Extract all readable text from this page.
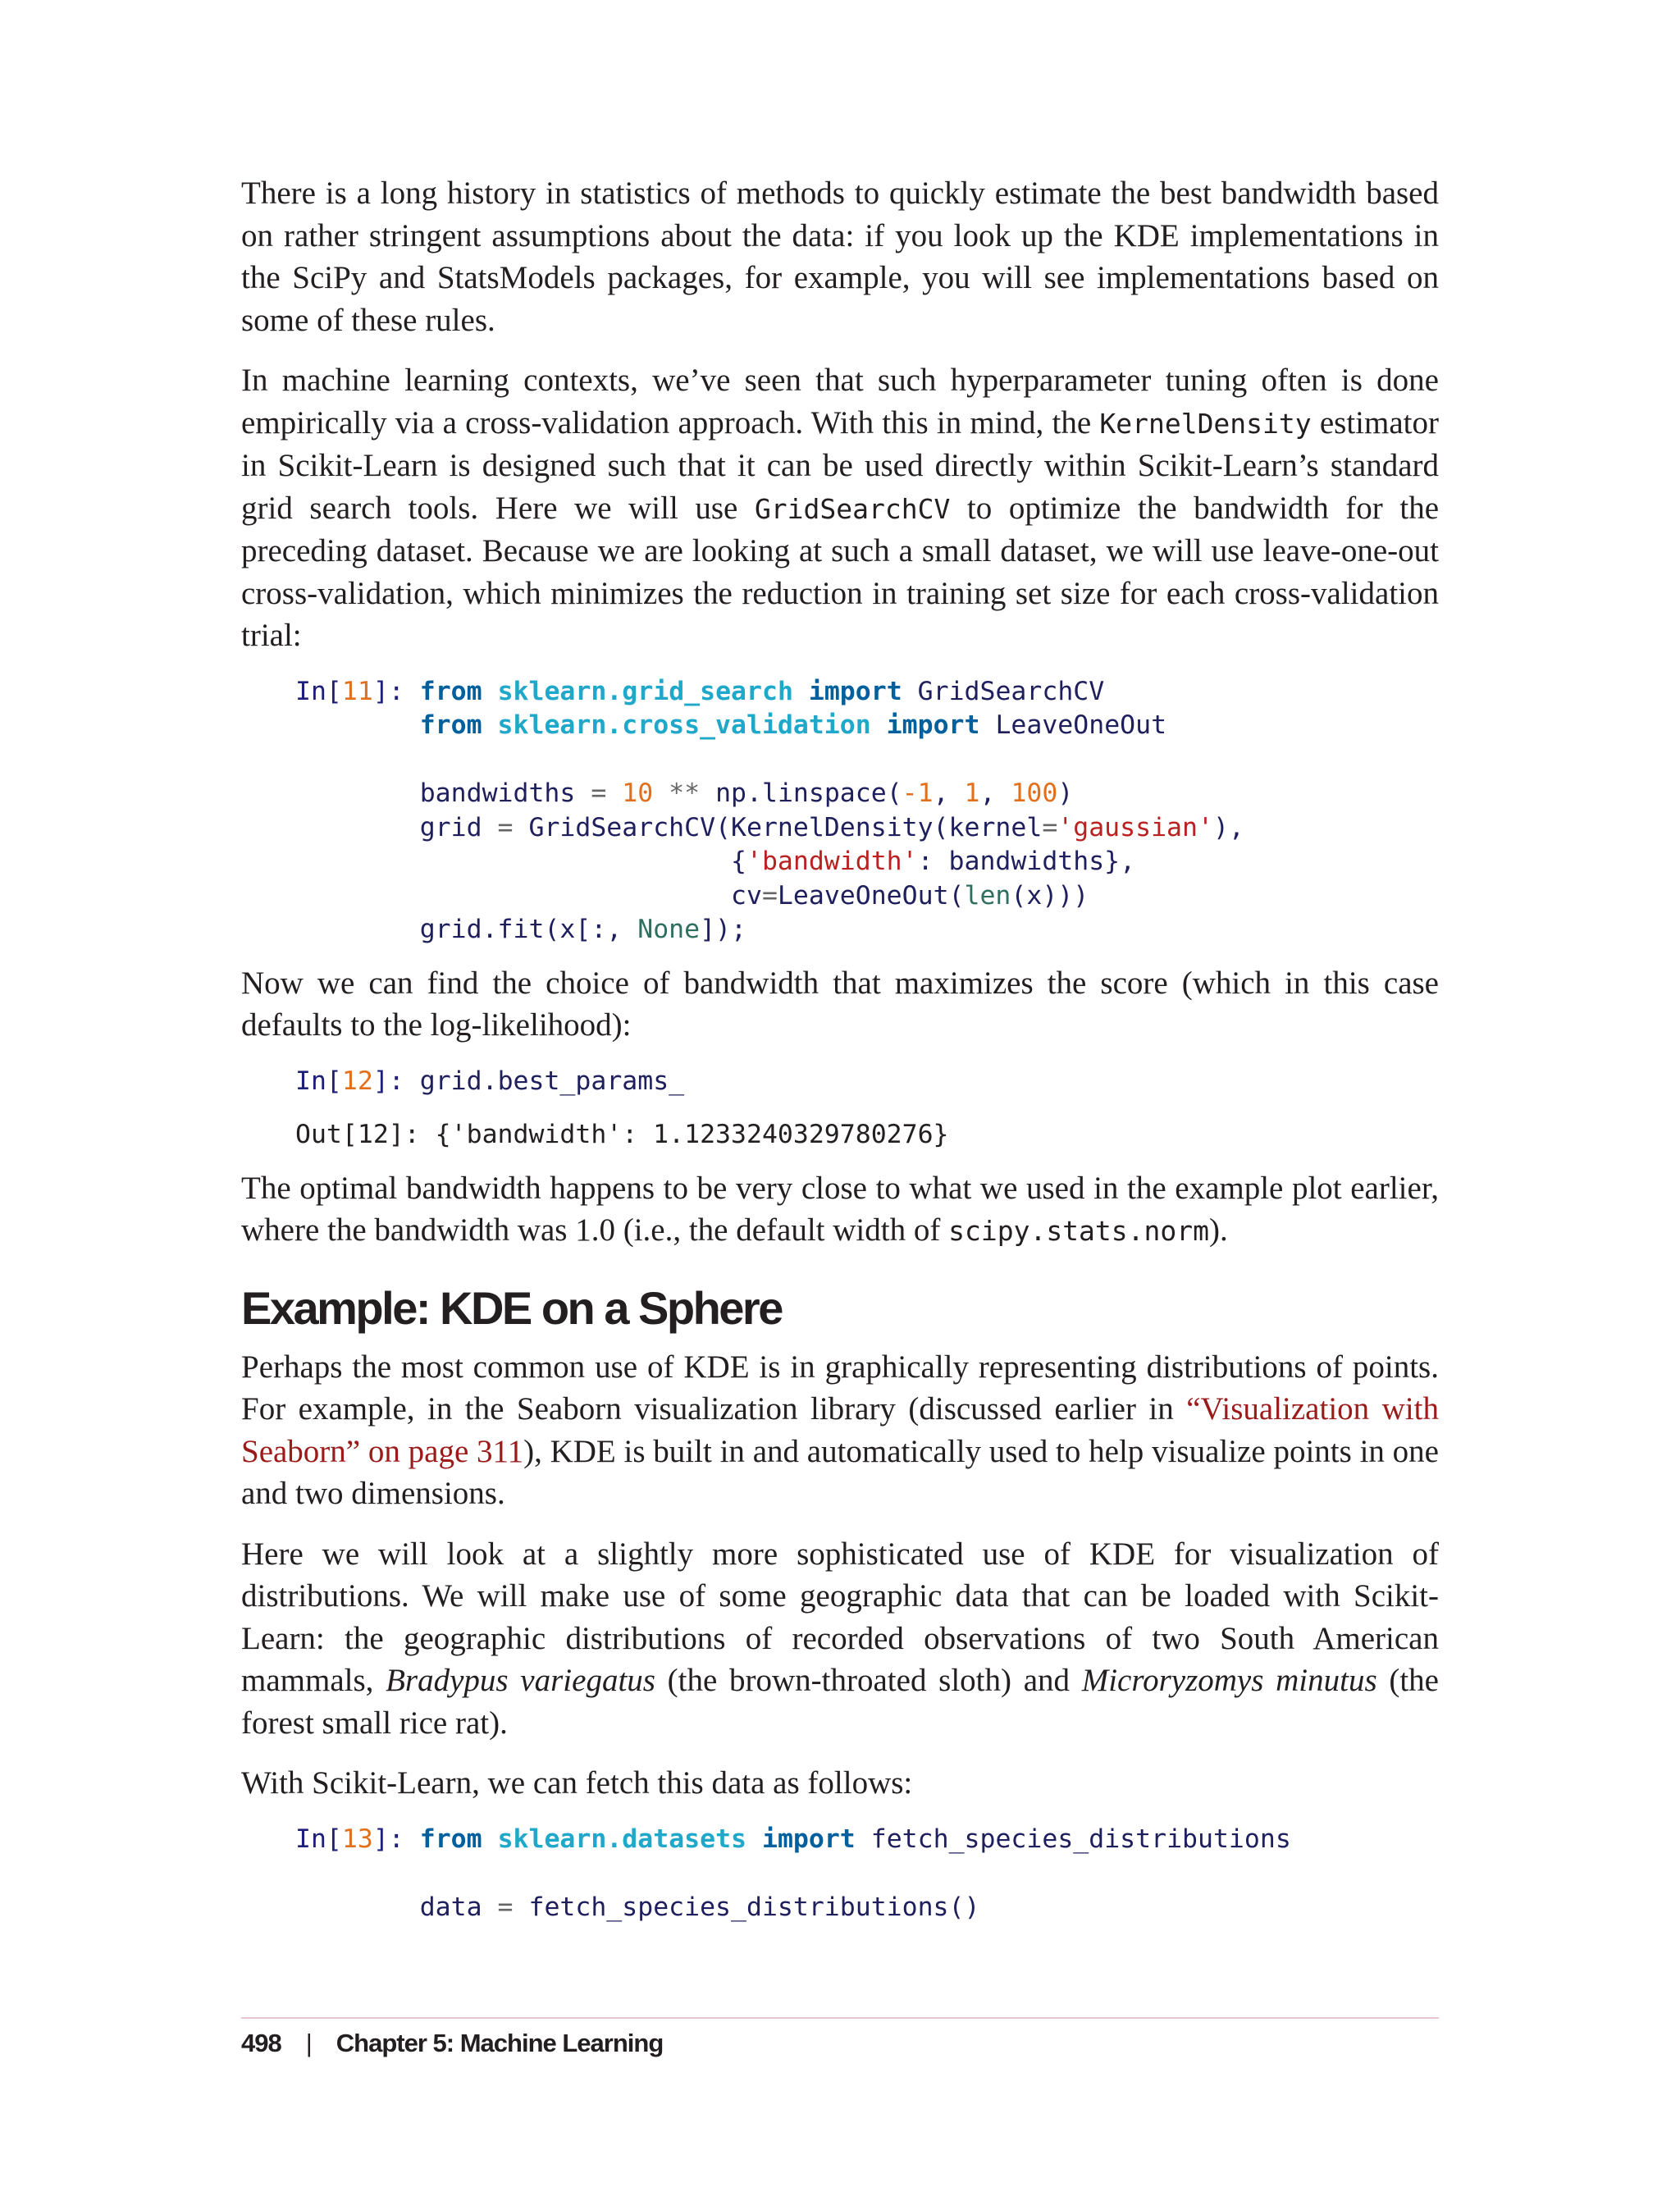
There is a long history in statistics of methods to quickly estimate the best bandwidth based on rather stringent assumptions about the data: if you look up the KDE implementations in the SciPy and StatsModels packages, for example, you will see implementations based on some of these rules.

In machine learning contexts, we’ve seen that such hyperparameter tuning often is done empirically via a cross-validation approach. With this in mind, the KernelDensity estimator in Scikit-Learn is designed such that it can be used directly within Scikit-Learn’s standard grid search tools. Here we will use GridSearchCV to optimize the bandwidth for the preceding dataset. Because we are looking at such a small dataset, we will use leave-one-out cross-validation, which minimizes the reduction in training set size for each cross-validation trial:

In[11]: from sklearn.grid_search import GridSearchCV
from sklearn.cross_validation import LeaveOneOut
bandwidths = 10 ** np.linspace(-1, 1, 100)
grid = GridSearchCV(KernelDensity(kernel='gaussian'),
{'bandwidth': bandwidths},
cv=LeaveOneOut(len(x)))
grid.fit(x[:, None]);

Now we can find the choice of bandwidth that maximizes the score (which in this case defaults to the log-likelihood):

In[12]: grid.best_params_
Out[12]: {'bandwidth': 1.1233240329780276}

The optimal bandwidth happens to be very close to what we used in the example plot earlier, where the bandwidth was 1.0 (i.e., the default width of scipy.stats.norm).

Example: KDE on a Sphere

Perhaps the most common use of KDE is in graphically representing distributions of points. For example, in the Seaborn visualization library (discussed earlier in “Visualization with Seaborn” on page 311), KDE is built in and automatically used to help visualize points in one and two dimensions.

Here we will look at a slightly more sophisticated use of KDE for visualization of distributions. We will make use of some geographic data that can be loaded with Scikit-Learn: the geographic distributions of recorded observations of two South American mammals, Bradypus variegatus (the brown-throated sloth) and Microryzomys minutus (the forest small rice rat).

With Scikit-Learn, we can fetch this data as follows:

In[13]: from sklearn.datasets import fetch_species_distributions
data = fetch_species_distributions()
498 | Chapter 5: Machine Learning
